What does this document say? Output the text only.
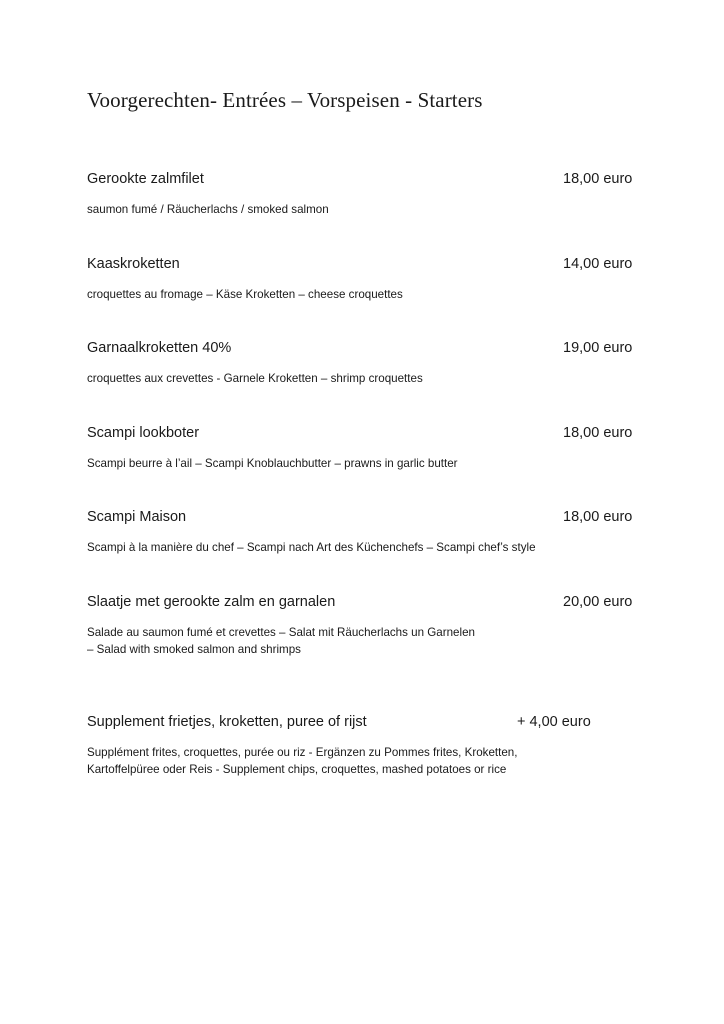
Voorgerechten- Entrées – Vorspeisen - Starters
Gerookte zalmfilet	18,00 euro
saumon fumé / Räucherlachs / smoked salmon
Kaaskroketten	14,00 euro
croquettes au fromage – Käse Kroketten – cheese croquettes
Garnaalkroketten 40%	19,00 euro
croquettes aux crevettes - Garnele Kroketten – shrimp croquettes
Scampi lookboter	18,00 euro
Scampi beurre à l’ail – Scampi Knoblauchbutter – prawns in garlic butter
Scampi Maison	18,00 euro
Scampi à la manière du chef – Scampi nach Art des Küchenchefs – Scampi chef’s style
Slaatje met gerookte zalm en garnalen	20,00 euro
Salade au saumon fumé et crevettes – Salat mit Räucherlachs un Garnelen
– Salad with smoked salmon and shrimps
Supplement frietjes, kroketten, puree of rijst	+ 4,00 euro
Supplément frites, croquettes, purée ou riz - Ergänzen zu Pommes frites, Kroketten,
Kartoffelpüree oder Reis - Supplement chips, croquettes, mashed potatoes or rice
